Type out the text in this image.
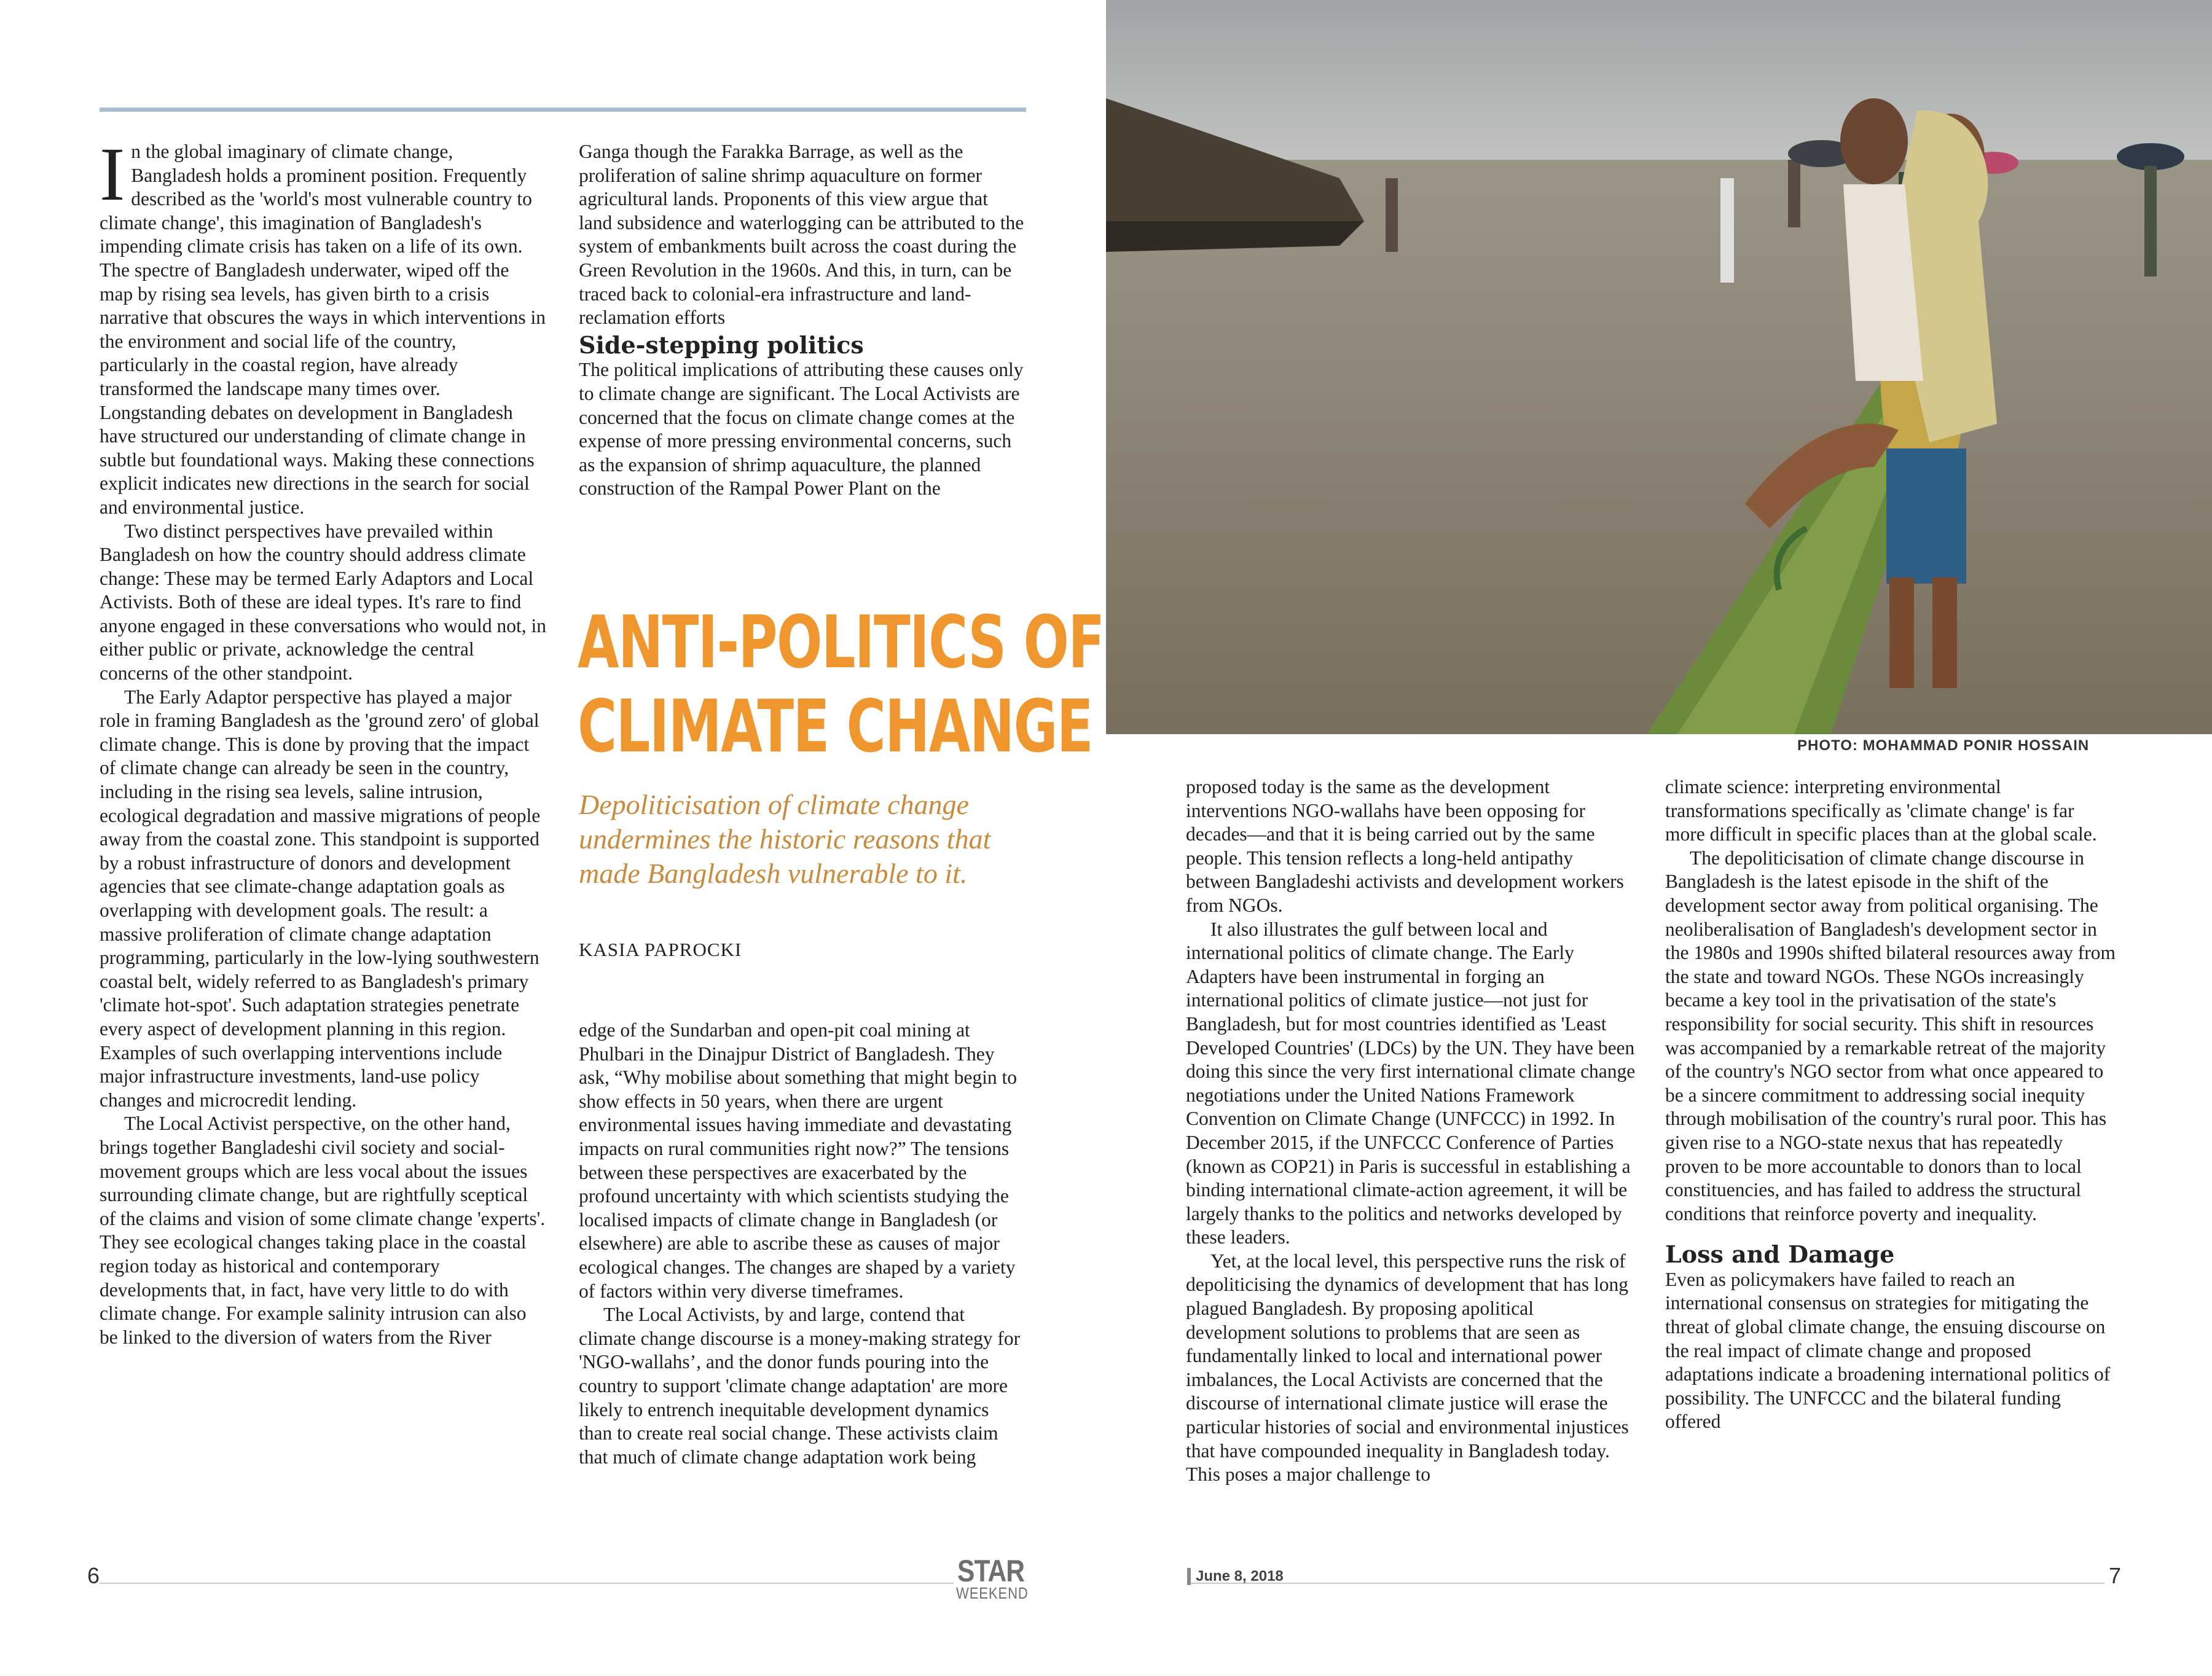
PHOTO: MOHAMMAD PONIR HOSSAIN

In the global imaginary of climate change, Bangladesh holds a prominent position. Frequently described as the 'world's most vulnerable country to climate change', this imagination of Bangladesh's impending climate crisis has taken on a life of its own. The spectre of Bangladesh underwater, wiped off the map by rising sea levels, has given birth to a crisis narrative that obscures the ways in which interventions in the environment and social life of the country, particularly in the coastal region, have already transformed the landscape many times over. Longstanding debates on development in Bangladesh have structured our understanding of climate change in subtle but foundational ways. Making these connections explicit indicates new directions in the search for social and environmental justice.

Two distinct perspectives have prevailed within Bangladesh on how the country should address climate change: These may be termed Early Adaptors and Local Activists. Both of these are ideal types. It's rare to find anyone engaged in these conversations who would not, in either public or private, acknowledge the central concerns of the other standpoint.

The Early Adaptor perspective has played a major role in framing Bangladesh as the 'ground zero' of global climate change. This is done by proving that the impact of climate change can already be seen in the country, including in the rising sea levels, saline intrusion, ecological degradation and massive migrations of people away from the coastal zone. This standpoint is supported by a robust infrastructure of donors and development agencies that see climate-change adaptation goals as overlapping with development goals. The result: a massive proliferation of climate change adaptation programming, particularly in the low-lying southwestern coastal belt, widely referred to as Bangladesh's primary 'climate hot-spot'. Such adaptation strategies penetrate every aspect of development planning in this region. Examples of such overlapping interventions include major infrastructure investments, land-use policy changes and microcredit lending.

The Local Activist perspective, on the other hand, brings together Bangladeshi civil society and social-movement groups which are less vocal about the issues surrounding climate change, but are rightfully sceptical of the claims and vision of some climate change 'experts'. They see ecological changes taking place in the coastal region today as historical and contemporary developments that, in fact, have very little to do with climate change. For example salinity intrusion can also be linked to the diversion of waters from the River

Ganga though the Farakka Barrage, as well as the proliferation of saline shrimp aquaculture on former agricultural lands. Proponents of this view argue that land subsidence and waterlogging can be attributed to the system of embankments built across the coast during the Green Revolution in the 1960s. And this, in turn, can be traced back to colonial-era infrastructure and land-reclamation efforts

Side-stepping politics

The political implications of attributing these causes only to climate change are significant. The Local Activists are concerned that the focus on climate change comes at the expense of more pressing environmental concerns, such as the expansion of shrimp aquaculture, the planned construction of the Rampal Power Plant on the

ANTI-POLITICS OF
CLIMATE CHANGE
Depoliticisation of climate change undermines the historic reasons that made Bangladesh vulnerable to it.
KASIA PAPROCKI

edge of the Sundarban and open-pit coal mining at Phulbari in the Dinajpur District of Bangladesh. They ask, “Why mobilise about something that might begin to show effects in 50 years, when there are urgent environmental issues having immediate and devastating impacts on rural communities right now?” The tensions between these perspectives are exacerbated by the profound uncertainty with which scientists studying the localised impacts of climate change in Bangladesh (or elsewhere) are able to ascribe these as causes of major ecological changes. The changes are shaped by a variety of factors within very diverse timeframes.

The Local Activists, by and large, contend that climate change discourse is a money-making strategy for 'NGO-wallahs’, and the donor funds pouring into the country to support 'climate change adaptation' are more likely to entrench inequitable development dynamics than to create real social change. These activists claim that much of climate change adaptation work being

proposed today is the same as the development interventions NGO-wallahs have been opposing for decades—and that it is being carried out by the same people. This tension reflects a long-held antipathy between Bangladeshi activists and development workers from NGOs.

It also illustrates the gulf between local and international politics of climate change. The Early Adapters have been instrumental in forging an international politics of climate justice—not just for Bangladesh, but for most countries identified as 'Least Developed Countries' (LDCs) by the UN. They have been doing this since the very first international climate change negotiations under the United Nations Framework Convention on Climate Change (UNFCCC) in 1992. In December 2015, if the UNFCCC Conference of Parties (known as COP21) in Paris is successful in establishing a binding international climate-action agreement, it will be largely thanks to the politics and networks developed by these leaders.

Yet, at the local level, this perspective runs the risk of depoliticising the dynamics of development that has long plagued Bangladesh. By proposing apolitical development solutions to problems that are seen as fundamentally linked to local and international power imbalances, the Local Activists are concerned that the discourse of international climate justice will erase the particular histories of social and environmental injustices that have compounded inequality in Bangladesh today. This poses a major challenge to

climate science: interpreting environmental transformations specifically as 'climate change' is far more difficult in specific places than at the global scale.

The depoliticisation of climate change discourse in Bangladesh is the latest episode in the shift of the development sector away from political organising. The neoliberalisation of Bangladesh's development sector in the 1980s and 1990s shifted bilateral resources away from the state and toward NGOs. These NGOs increasingly became a key tool in the privatisation of the state's responsibility for social security. This shift in resources was accompanied by a remarkable retreat of the majority of the country's NGO sector from what once appeared to be a sincere commitment to addressing social inequity through mobilisation of the country's rural poor. This has given rise to a NGO-state nexus that has repeatedly proven to be more accountable to donors than to local constituencies, and has failed to address the structural conditions that reinforce poverty and inequality.

Loss and Damage

Even as policymakers have failed to reach an international consensus on strategies for mitigating the threat of global climate change, the ensuing discourse on the real impact of climate change and proposed adaptations indicate a broadening international politics of possibility. The UNFCCC and the bilateral funding offered

6	7
STAR
WEEKEND
June 8, 2018
